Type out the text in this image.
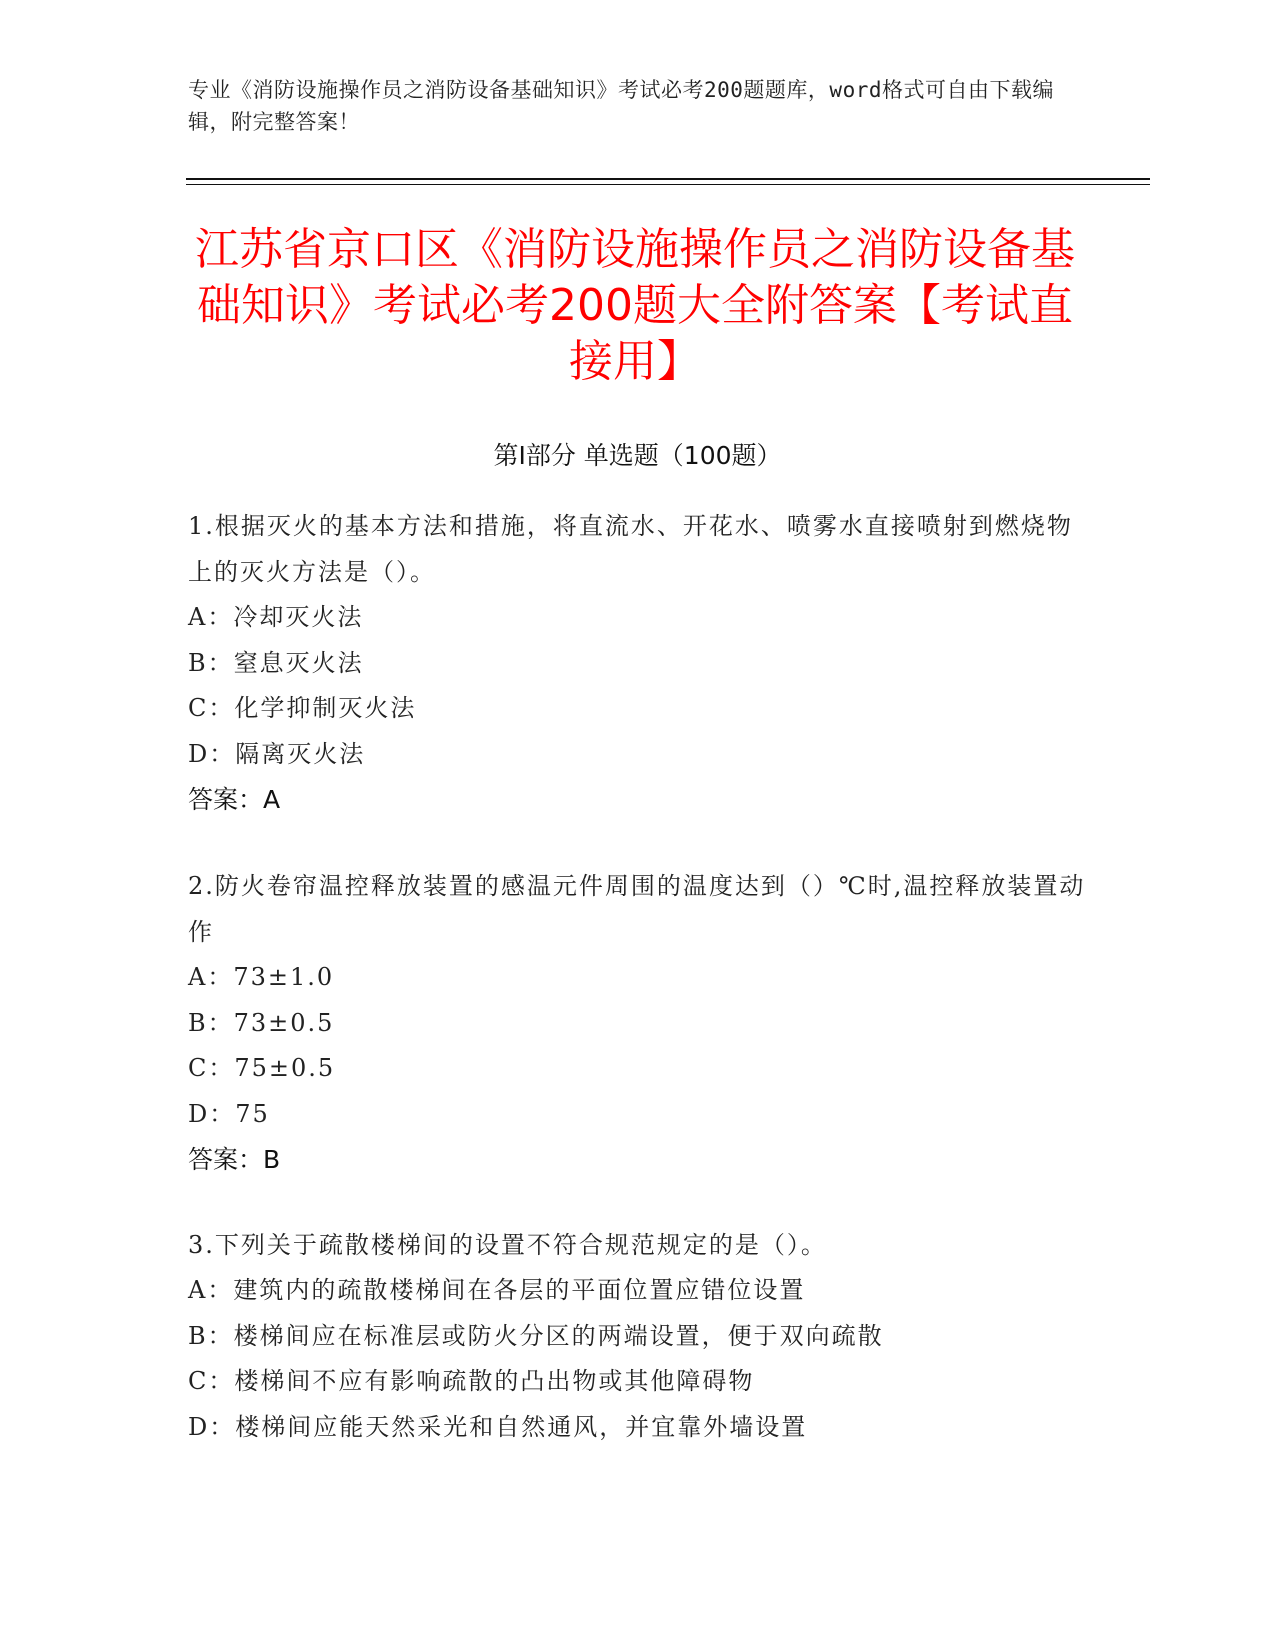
专业《消防设施操作员之消防设备基础知识》考试必考200题题库，word格式可自由下载编辑，附完整答案！
江苏省京口区《消防设施操作员之消防设备基础知识》考试必考200题大全附答案【考试直接用】
第I部分 单选题（100题）
1.根据灭火的基本方法和措施，将直流水、开花水、喷雾水直接喷射到燃烧物上的灭火方法是（）。
A：冷却灭火法
B：窒息灭火法
C：化学抑制灭火法
D：隔离灭火法
答案：A
2.防火卷帘温控释放装置的感温元件周围的温度达到（）℃时,温控释放装置动作
A：73±1.0
B：73±0.5
C：75±0.5
D：75
答案：B
3.下列关于疏散楼梯间的设置不符合规范规定的是（）。
A：建筑内的疏散楼梯间在各层的平面位置应错位设置
B：楼梯间应在标准层或防火分区的两端设置，便于双向疏散
C：楼梯间不应有影响疏散的凸出物或其他障碍物
D：楼梯间应能天然采光和自然通风，并宜靠外墙设置
